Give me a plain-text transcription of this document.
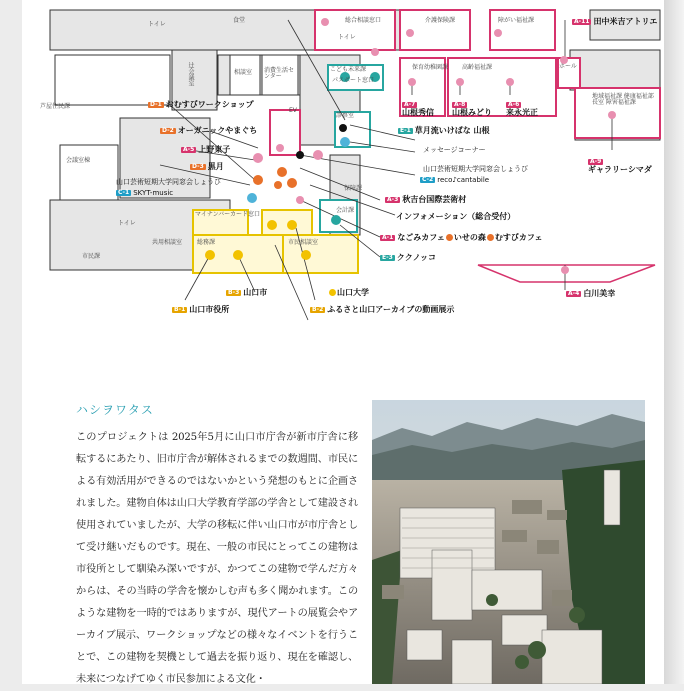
食堂
辻会議室	相談室 消費生活センター
総合相談窓口	介護保険課	障がい福祉課
トイレ
こども未来課
パスポート窓口
保育幼稚園課 高齢福祉課	ホール
地域福祉課 健康福祉部長室 障害福祉課
芦屋住民課
会議室棟
診察室
保障課
会計課
マイナンバーカード窓口
共用相談室 総務課	市民相談室
市民課
トイレ
EV
トイレ	A-11 田中米吉アトリエ
A-7
山根秀信
A-8
山根みどり
A-6
来永光正
D-1 おむすびワークショップ
D-2 オーガニックやまぐち
A-5 上野東子
D-3 黒月
E-1 草月流いけばな 山根
メッセージコーナー
山口芸術短期大学同窓会しょうび
C-2 reco♪cantabile
A-9
ギャラリーシマダ
山口芸術短期大学同窓会しょうび
C-1 SKYT-music
A-3 秋吉台国際芸術村
インフォメーション（総合受付）
A-1 なごみカフェ いせの森 むすびカフェ
E-3 ククノッコ
A-4 白川美幸
B-3 山口市	山口大学
B-1 山口市役所	B-2 ふるさと山口アーカイブの動画展示
ハシヲワタス

このプロジェクトは 2025年5月に山口市庁舎が新市庁舎に移転するにあたり、旧市庁舎が解体されるまでの数週間、市民による有効活用ができるのではないかという発想のもとに企画されました。建物自体は山口大学教育学部の学舎として建設され使用されていましたが、大学の移転に伴い山口市が市庁舎として受け継いだものです。現在、一般の市民にとってこの建物は市役所として馴染み深いですが、かつてこの建物で学んだ方々からは、その当時の学舎を懐かしむ声も多く聞かれます。このような建物を一時的ではありますが、現代アートの展覧会やアーカイブ展示、ワークショップなどの様々なイベントを行うことで、この建物を契機として過去を振り返り、現在を確認し、未来につなげてゆく市民参加による文化・
